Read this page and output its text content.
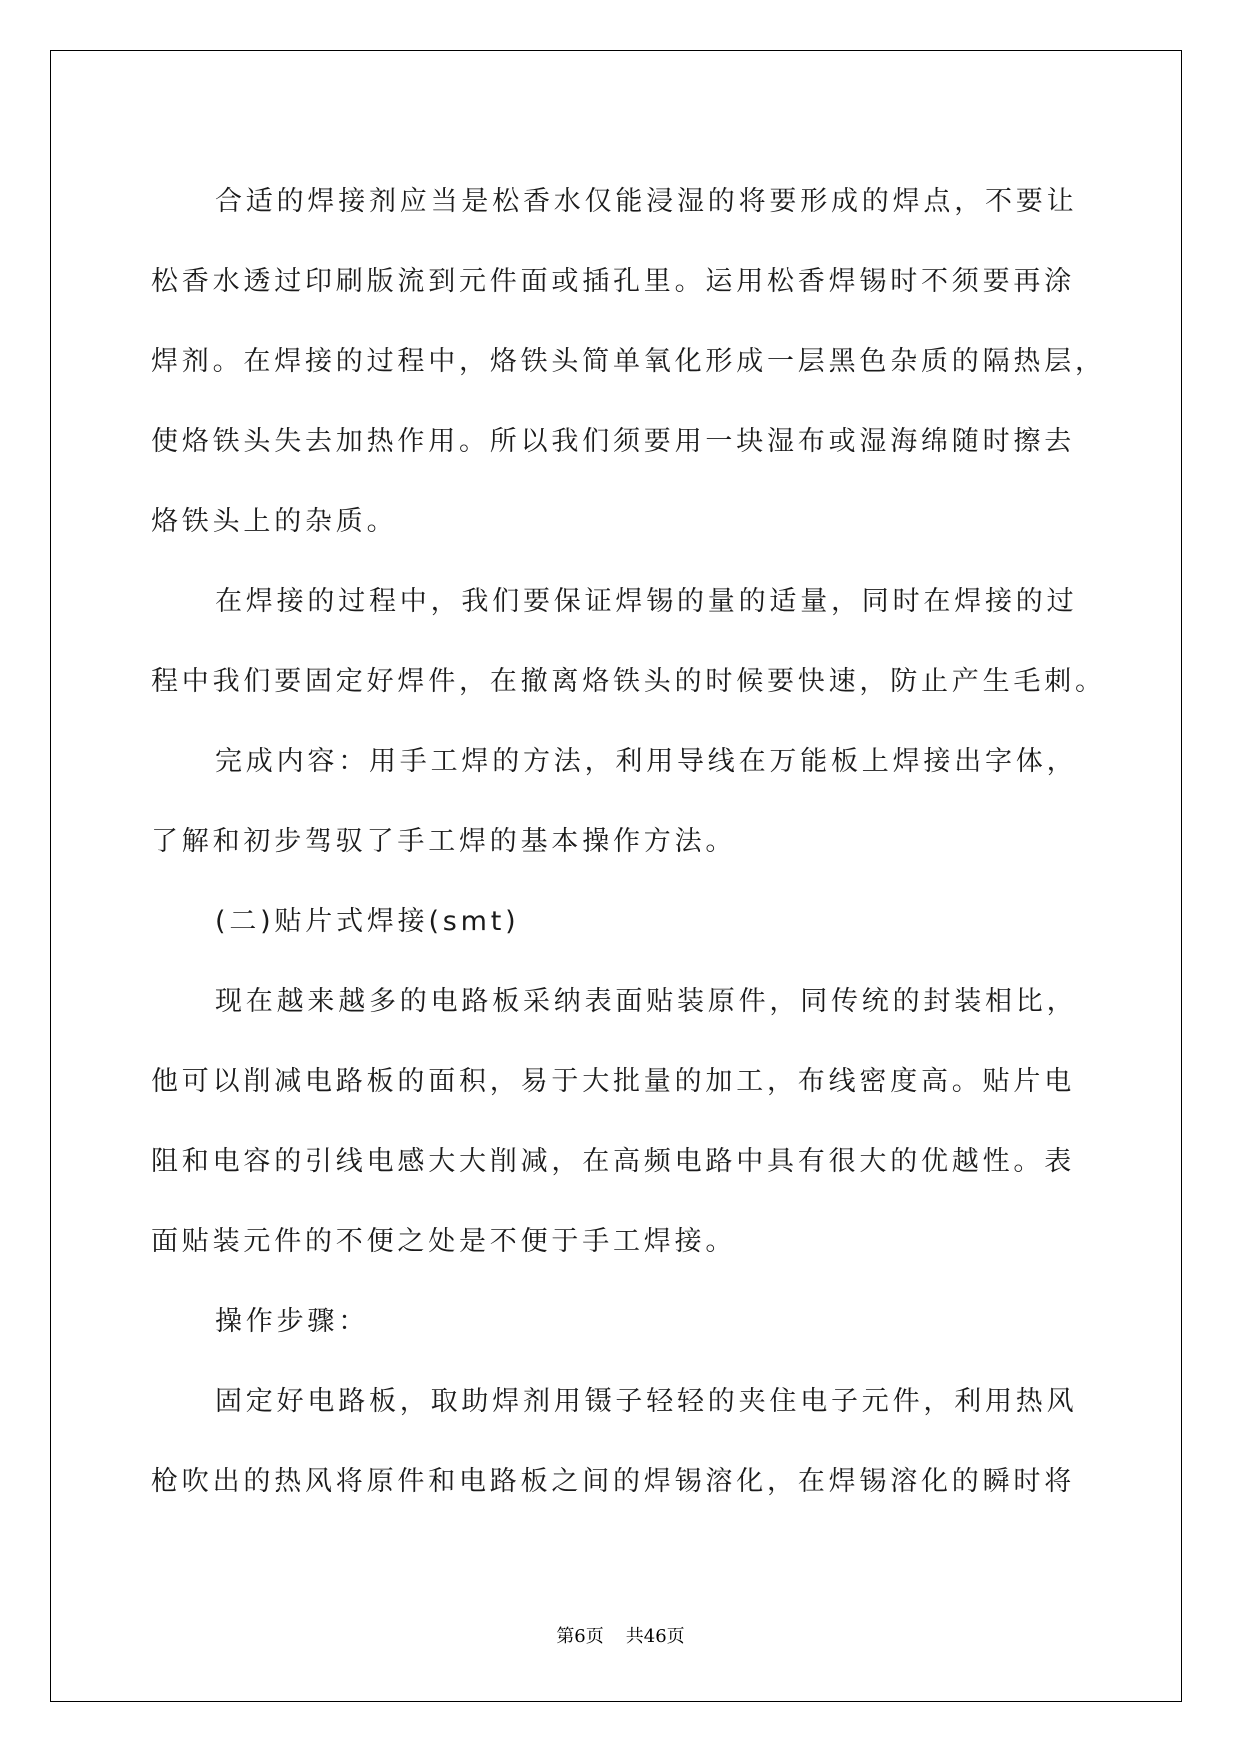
合适的焊接剂应当是松香水仅能浸湿的将要形成的焊点，不要让

松香水透过印刷版流到元件面或插孔里。运用松香焊锡时不须要再涂

焊剂。在焊接的过程中，烙铁头简单氧化形成一层黑色杂质的隔热层，

使烙铁头失去加热作用。所以我们须要用一块湿布或湿海绵随时擦去

烙铁头上的杂质。

在焊接的过程中，我们要保证焊锡的量的适量，同时在焊接的过

程中我们要固定好焊件，在撤离烙铁头的时候要快速，防止产生毛刺。

完成内容：用手工焊的方法，利用导线在万能板上焊接出字体，

了解和初步驾驭了手工焊的基本操作方法。

(二)贴片式焊接(smt)

现在越来越多的电路板采纳表面贴装原件，同传统的封装相比，

他可以削减电路板的面积，易于大批量的加工，布线密度高。贴片电

阻和电容的引线电感大大削减，在高频电路中具有很大的优越性。表

面贴装元件的不便之处是不便于手工焊接。

操作步骤：

固定好电路板，取助焊剂用镊子轻轻的夹住电子元件，利用热风

枪吹出的热风将原件和电路板之间的焊锡溶化，在焊锡溶化的瞬时将

第6页 共46页
